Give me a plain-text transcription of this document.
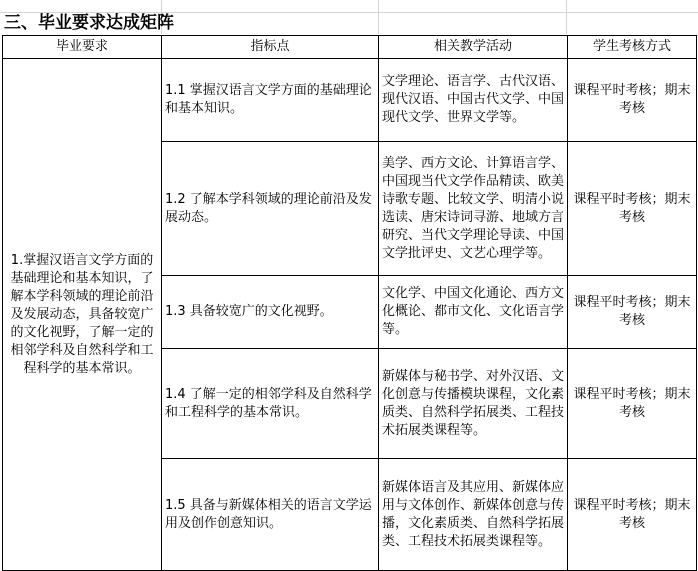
三、毕业要求达成矩阵
毕业要求	指标点	相关教学活动	学生考核方式
1.掌握汉语言文学方面的基础理论和基本知识，了解本学科领域的理论前沿及发展动态，具备较宽广的文化视野，了解一定的相邻学科及自然科学和工程科学的基本常识。	1.1 掌握汉语言文学方面的基础理论和基本知识。	文学理论、语言学、古代汉语、现代汉语、中国古代文学、中国现代文学、世界文学等。	课程平时考核；期末考核
	1.2 了解本学科领域的理论前沿及发展动态。	美学、西方文论、计算语言学、中国现当代文学作品精读、欧美诗歌专题、比较文学、明清小说选读、唐宋诗词寻游、地域方言研究、当代文学理论导读、中国文学批评史、文艺心理学等。	课程平时考核；期末考核
	1.3 具备较宽广的文化视野。	文化学、中国文化通论、西方文化概论、都市文化、文化语言学等。	课程平时考核；期末考核
	1.4 了解一定的相邻学科及自然科学和工程科学的基本常识。	新媒体与秘书学、对外汉语、文化创意与传播模块课程，文化素质类、自然科学拓展类、工程技术拓展类课程等。	课程平时考核；期末考核
	1.5 具备与新媒体相关的语言文学运用及创作创意知识。	新媒体语言及其应用、新媒体应用与文体创作、新媒体创意与传播，文化素质类、自然科学拓展类、工程技术拓展类课程等。	课程平时考核；期末考核
